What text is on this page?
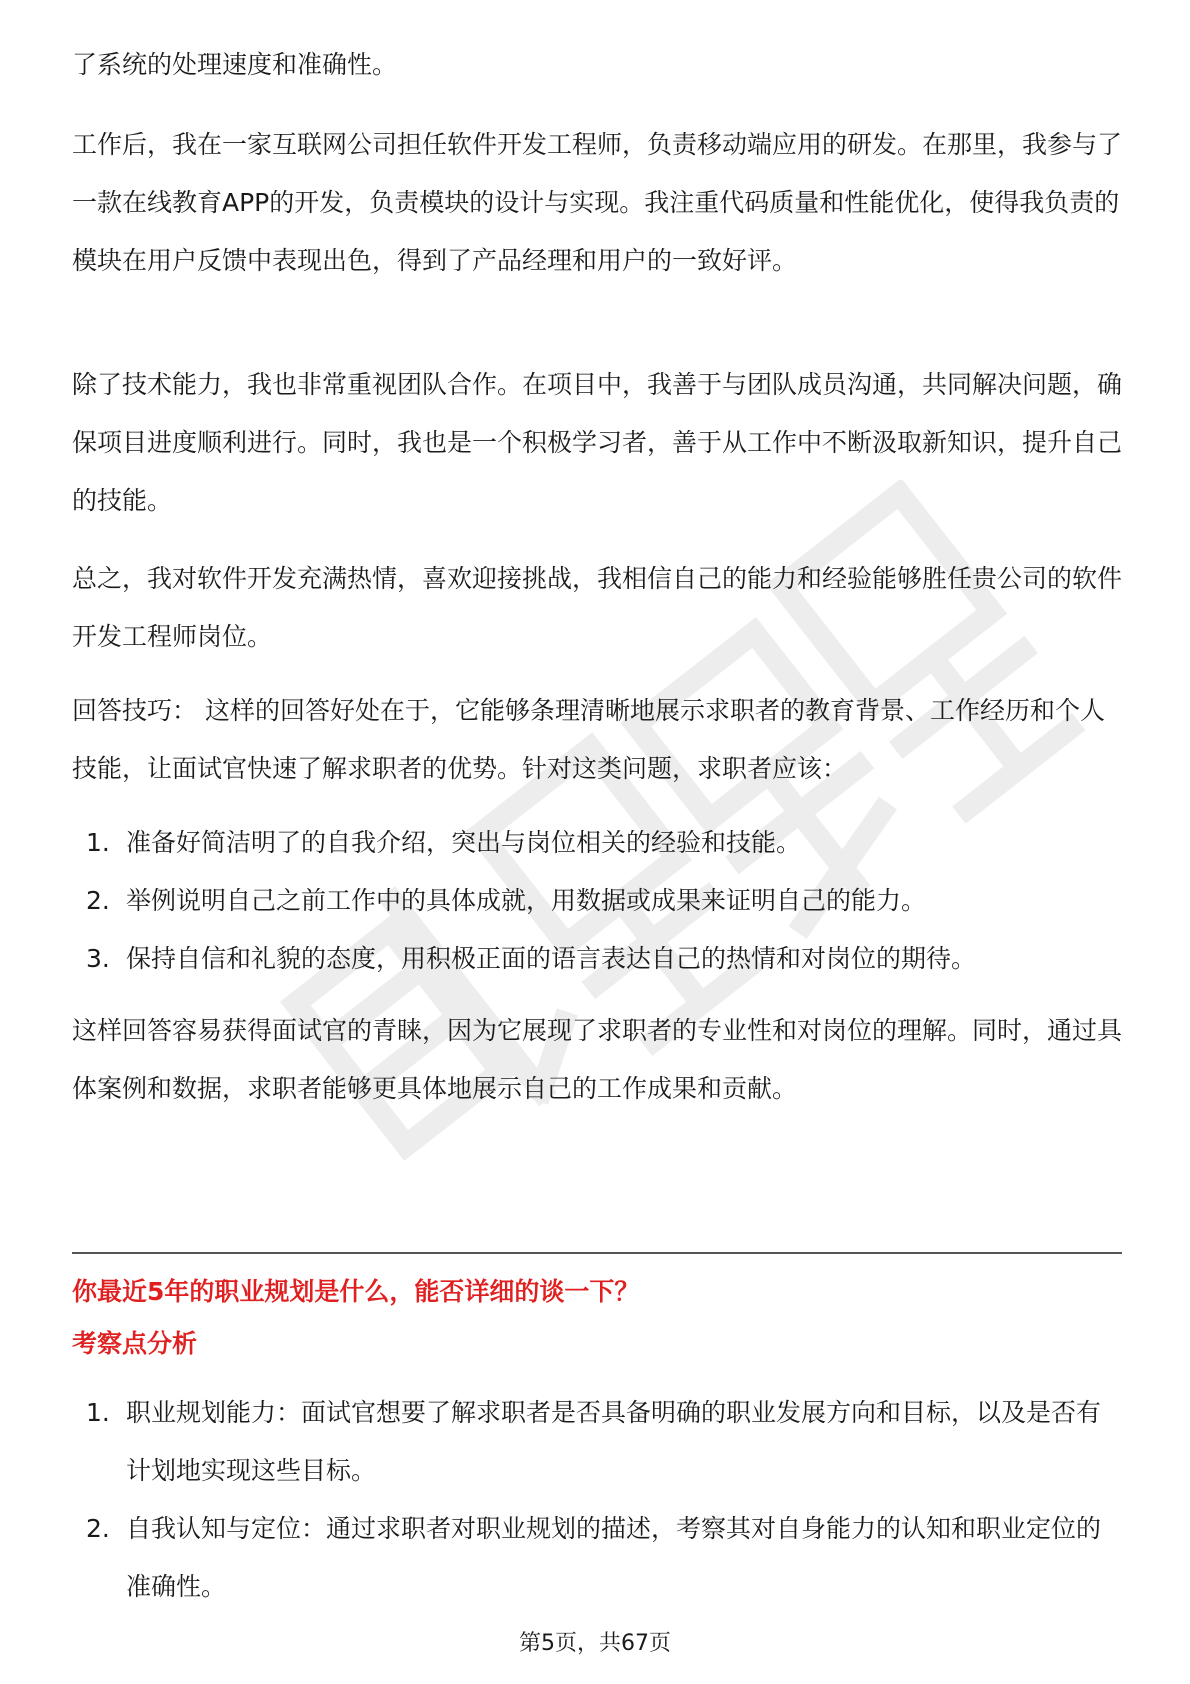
了系统的处理速度和准确性。

工作后，我在一家互联网公司担任软件开发工程师，负责移动端应用的研发。在那里，我参与了一款在线教育APP的开发，负责模块的设计与实现。我注重代码质量和性能优化，使得我负责的模块在用户反馈中表现出色，得到了产品经理和用户的一致好评。

除了技术能力，我也非常重视团队合作。在项目中，我善于与团队成员沟通，共同解决问题，确保项目进度顺利进行。同时，我也是一个积极学习者，善于从工作中不断汲取新知识，提升自己的技能。

总之，我对软件开发充满热情，喜欢迎接挑战，我相信自己的能力和经验能够胜任贵公司的软件开发工程师岗位。

回答技巧： 这样的回答好处在于，它能够条理清晰地展示求职者的教育背景、工作经历和个人技能，让面试官快速了解求职者的优势。针对这类问题，求职者应该：

1. 准备好简洁明了的自我介绍，突出与岗位相关的经验和技能。
2. 举例说明自己之前工作中的具体成就，用数据或成果来证明自己的能力。
3. 保持自信和礼貌的态度，用积极正面的语言表达自己的热情和对岗位的期待。

这样回答容易获得面试官的青睐，因为它展现了求职者的专业性和对岗位的理解。同时，通过具体案例和数据，求职者能够更具体地展示自己的工作成果和贡献。

你最近5年的职业规划是什么，能否详细的谈一下？
考察点分析
1. 职业规划能力：面试官想要了解求职者是否具备明确的职业发展方向和目标，以及是否有计划地实现这些目标。
2. 自我认知与定位：通过求职者对职业规划的描述，考察其对自身能力的认知和职业定位的准确性。
第5页，共67页
